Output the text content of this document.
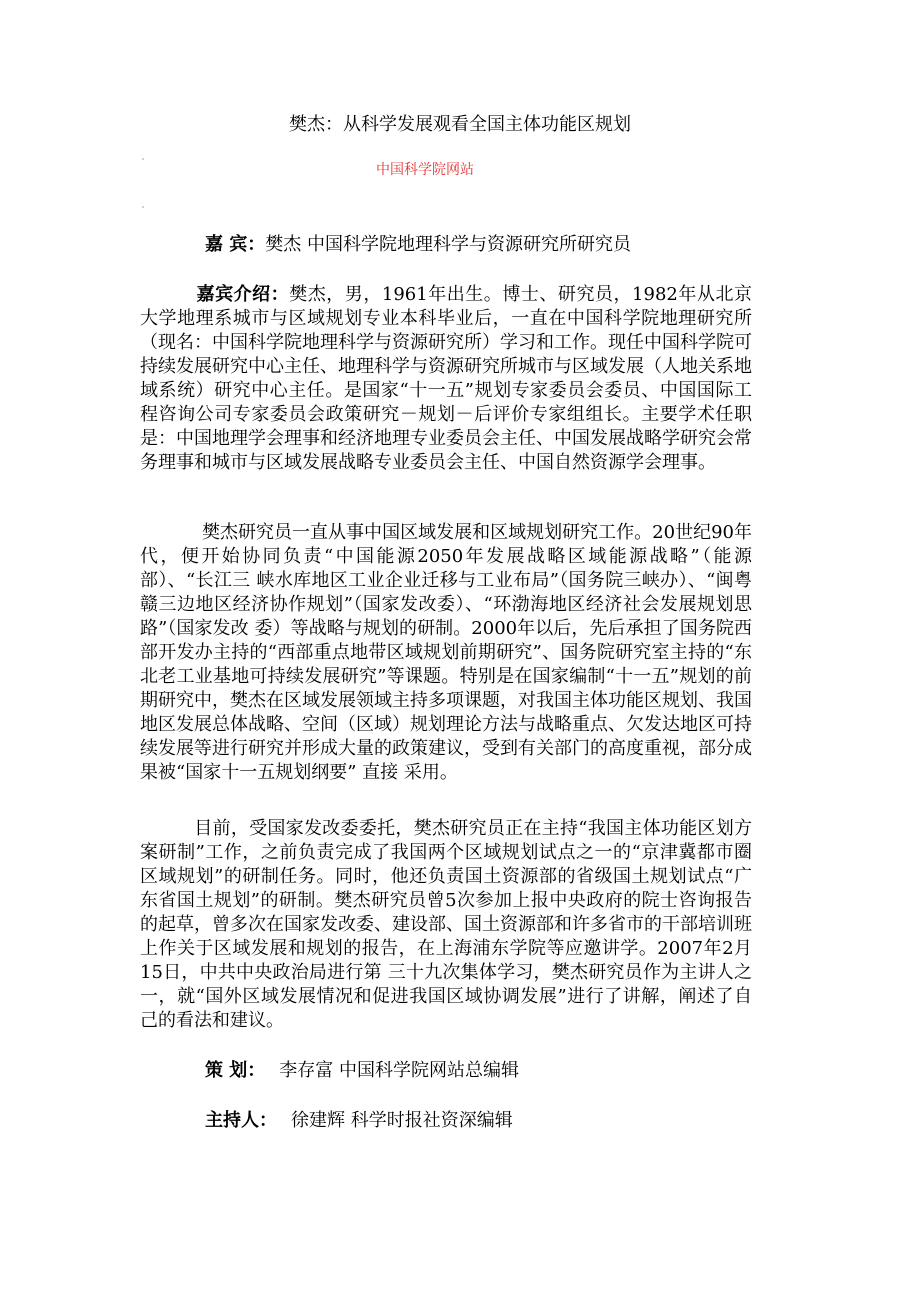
樊杰：从科学发展观看全国主体功能区规划
中国科学院网站
嘉 宾：樊杰 中国科学院地理科学与资源研究所研究员

嘉宾介绍：樊杰，男，1961年出生。博士、研究员，1982年从北京大学地理系城市与区域规划专业本科毕业后，一直在中国科学院地理研究所（现名：中国科学院地理科学与资源研究所）学习和工作。现任中国科学院可持续发展研究中心主任、地理科学与资源研究所城市与区域发展（人地关系地域系统）研究中心主任。是国家“十一五”规划专家委员会委员、中国国际工程咨询公司专家委员会政策研究－规划－后评价专家组组长。主要学术任职是：中国地理学会理事和经济地理专业委员会主任、中国发展战略学研究会常务理事和城市与区域发展战略专业委员会主任、中国自然资源学会理事。

樊杰研究员一直从事中国区域发展和区域规划研究工作。20世纪90年代，便开始协同负责“中国能源2050年发展战略区域能源战略”（能源部）、“长江三 峡水库地区工业企业迁移与工业布局”（国务院三峡办）、“闽粤赣三边地区经济协作规划”（国家发改委）、“环渤海地区经济社会发展规划思路”（国家发改 委）等战略与规划的研制。2000年以后，先后承担了国务院西部开发办主持的“西部重点地带区域规划前期研究”、国务院研究室主持的“东北老工业基地可持续发展研究”等课题。特别是在国家编制“十一五”规划的前期研究中，樊杰在区域发展领域主持多项课题，对我国主体功能区规划、我国地区发展总体战略、空间（区域）规划理论方法与战略重点、欠发达地区可持续发展等进行研究并形成大量的政策建议，受到有关部门的高度重视，部分成果被“国家十一五规划纲要” 直接 采用。

目前，受国家发改委委托，樊杰研究员正在主持“我国主体功能区划方案研制”工作，之前负责完成了我国两个区域规划试点之一的“京津冀都市圈区域规划”的研制任务。同时，他还负责国土资源部的省级国土规划试点“广东省国土规划”的研制。樊杰研究员曾5次参加上报中央政府的院士咨询报告的起草，曾多次在国家发改委、建设部、国土资源部和许多省市的干部培训班上作关于区域发展和规划的报告，在上海浦东学院等应邀讲学。2007年2月15日，中共中央政治局进行第 三十九次集体学习，樊杰研究员作为主讲人之一，就“国外区域发展情况和促进我国区域协调发展”进行了讲解，阐述了自己的看法和建议。

策 划： 李存富 中国科学院网站总编辑
主持人： 徐建辉 科学时报社资深编辑
